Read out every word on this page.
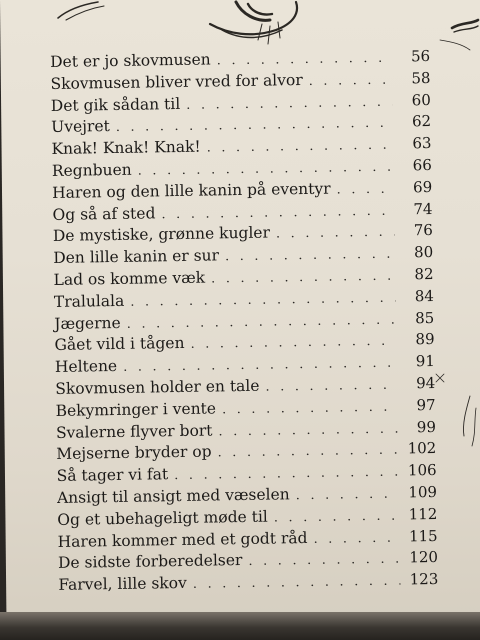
Det er jo skovmusen . . .	56
Skovmusen bliver vred for alvor . . .	58
Det gik sådan til . . .	60
Uvejret . . .	62
Knak! Knak! Knak! . . .	63
Regnbuen . . .	66
Haren og den lille kanin på eventyr . . .	69
Og så af sted . . .	74
De mystiske, grønne kugler . . .	76
Den lille kanin er sur . . .	80
Lad os komme væk . . .	82
Tralulala . . .	84
Jægerne . . .	85
Gået vild i tågen . . .	89
Heltene . . .	91
Skovmusen holder en tale . . .	94
Bekymringer i vente . . .	97
Svalerne flyver bort . . .	99
Mejserne bryder op . . .	102
Så tager vi fat . . .	106
Ansigt til ansigt med væselen . . .	109
Og et ubehageligt møde til . . .	112
Haren kommer med et godt råd . . .	115
De sidste forberedelser . . .	120
Farvel, lille skov . . .	123
